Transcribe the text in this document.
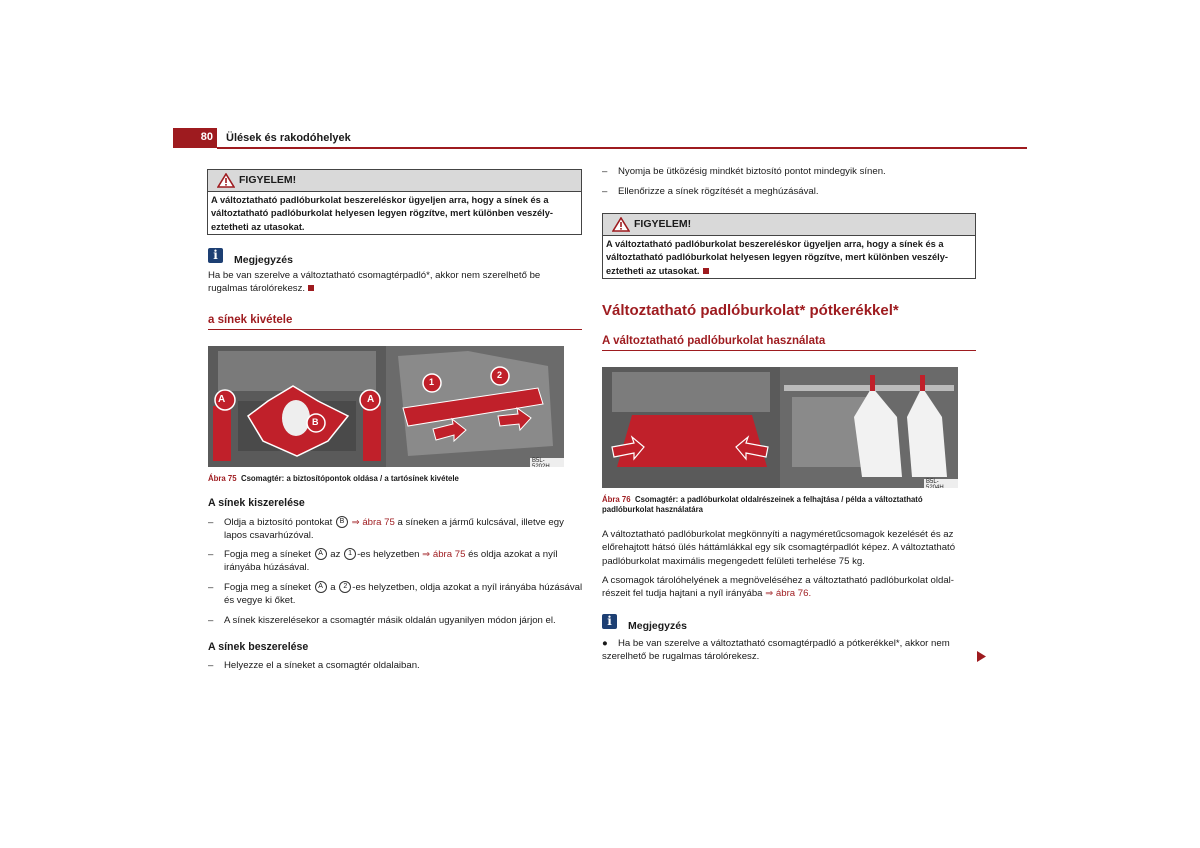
80 Ülések és rakodóhelyek
FIGYELEM!
A változtatható padlóburkolat beszereléskor ügyeljen arra, hogy a sínek és a
változtatható padlóburkolat helyesen legyen rögzítve, mert különben veszély-
eztetheti az utasokat.
i	Megjegyzés
Ha be van szerelve a változtatható csomagtérpadló*, akkor nem szerelhető be
rugalmas tárolórekesz.
a sínek kivétele
A	A
B
1
2
B5L-5202H
Ábra 75 Csomagtér: a biztosítópontok oldása / a tartósínek kivétele
A sínek kiszerelése
– Oldja a biztosító pontokat B ⇒ ábra 75 a síneken a jármű kulcsával, illetve egy
lapos csavarhúzóval.
– Fogja meg a síneket A az 1 -es helyzetben ⇒ ábra 75 és oldja azokat a nyíl
irányába húzásával.
– Fogja meg a síneket A a 2 -es helyzetben, oldja azokat a nyíl irányába húzásával
és vegye ki őket.
– A sínek kiszerelésekor a csomagtér másik oldalán ugyanilyen módon járjon el.
A sínek beszerelése
– Helyezze el a síneket a csomagtér oldalaiban.
– Nyomja be ütközésig mindkét biztosító pontot mindegyik sínen.
– Ellenőrizze a sínek rögzítését a meghúzásával.
FIGYELEM!
A változtatható padlóburkolat beszereléskor ügyeljen arra, hogy a sínek és a
változtatható padlóburkolat helyesen legyen rögzítve, mert különben veszély-
eztetheti az utasokat.
Változtatható padlóburkolat* pótkerékkel*
A változtatható padlóburkolat használata
B5L-5204H
Ábra 76 Csomagtér: a padlóburkolat oldalrészeinek a felhajtása / példa a változtatható
padlóburkolat használatára
A változtatható padlóburkolat megkönnyíti a nagyméretűcsomagok kezelését és az
előrehajtott hátsó ülés háttámlákkal egy sík csomagtérpadlót képez. A változtatható
padlóburkolat maximális megengedett felületi terhelése 75 kg.
A csomagok tárolóhelyének a megnöveléséhez a változtatható padlóburkolat oldal-
részeit fel tudja hajtani a nyíl irányába ⇒ ábra 76.
i	Megjegyzés
● Ha be van szerelve a változtatható csomagtérpadló a pótkerékkel*, akkor nem
szerelhető be rugalmas tárolórekesz.
